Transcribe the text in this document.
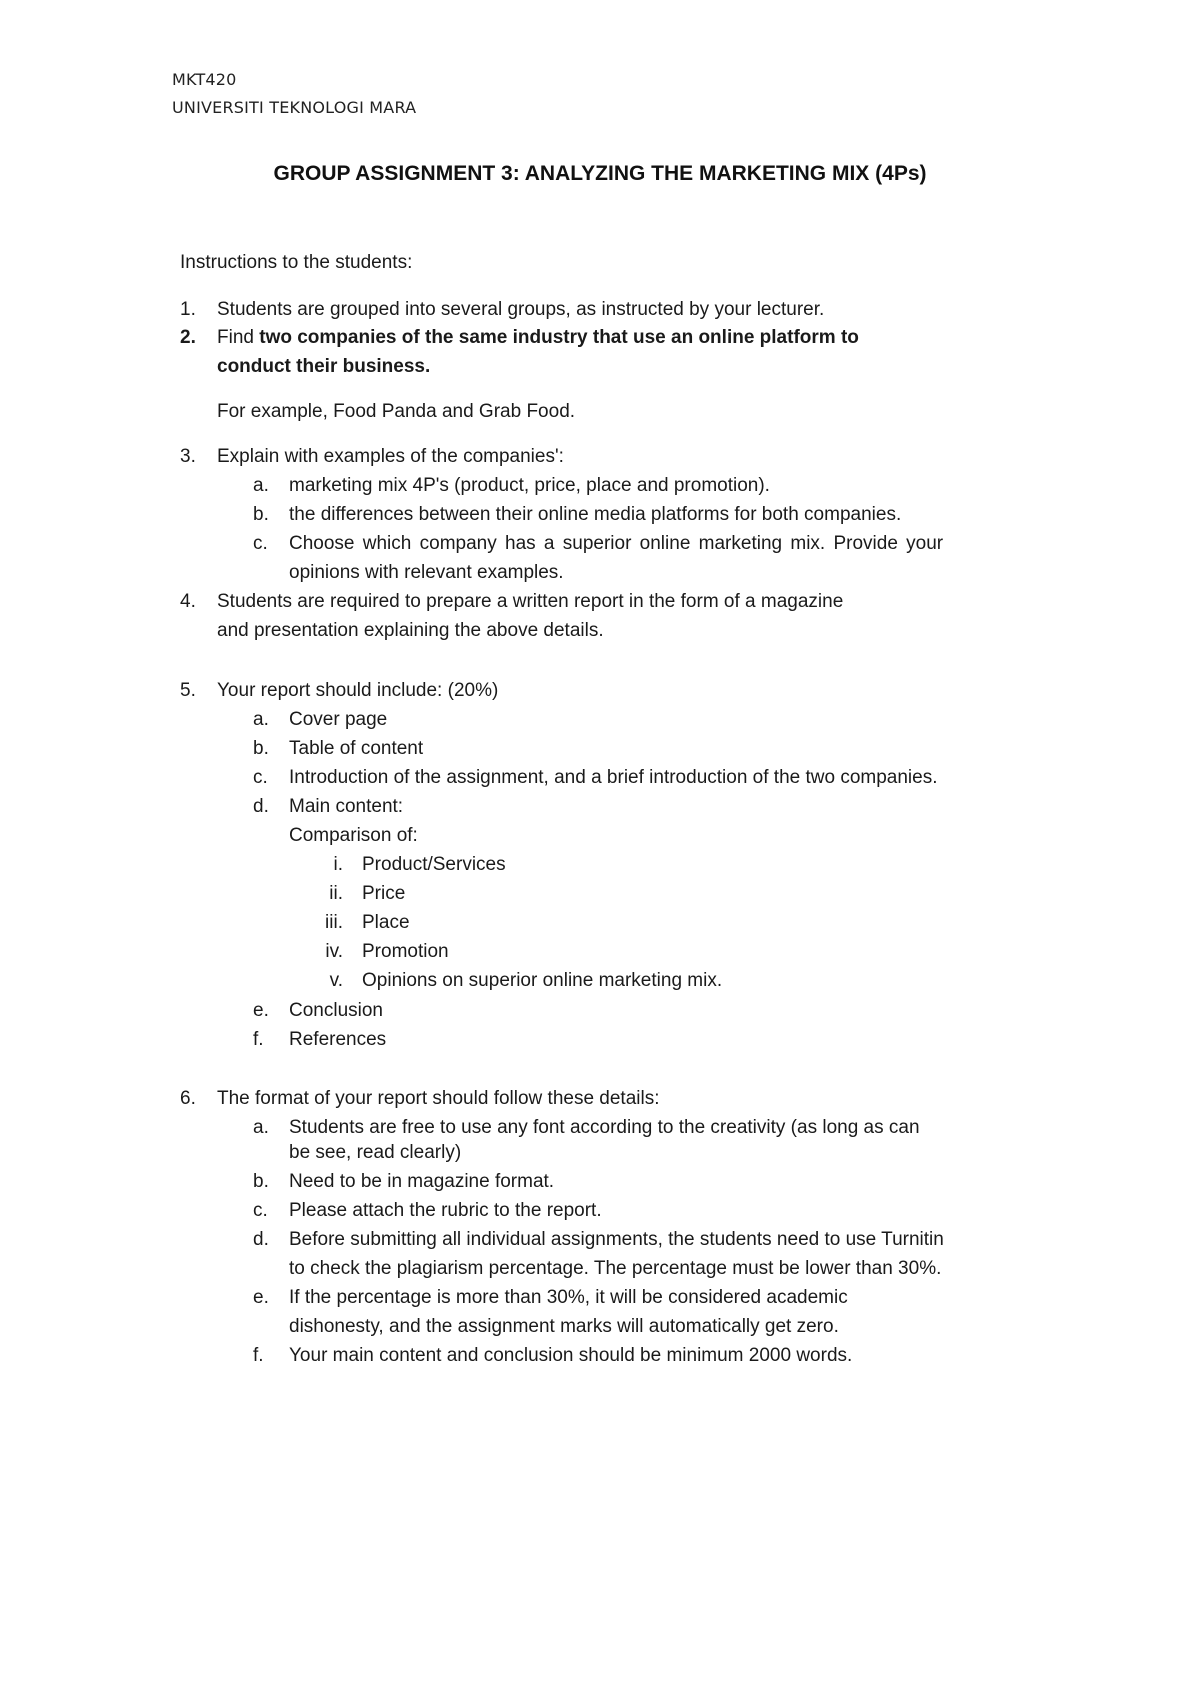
MKT420
UNIVERSITI TEKNOLOGI MARA
GROUP ASSIGNMENT 3: ANALYZING THE MARKETING MIX (4Ps)
Instructions to the students:
1. Students are grouped into several groups, as instructed by your lecturer.
2. Find two companies of the same industry that use an online platform to
conduct their business.
For example, Food Panda and Grab Food.
3. Explain with examples of the companies':
a. marketing mix 4P's (product, price, place and promotion).
b. the differences between their online media platforms for both companies.
c. Choose which company has a superior online marketing mix. Provide your
opinions with relevant examples.
4. Students are required to prepare a written report in the form of a magazine
and presentation explaining the above details.
5. Your report should include: (20%)
a. Cover page
b. Table of content
c. Introduction of the assignment, and a brief introduction of the two companies.
d. Main content:
Comparison of:
i. Product/Services
ii. Price
iii. Place
iv. Promotion
v. Opinions on superior online marketing mix.
e. Conclusion
f. References
6. The format of your report should follow these details:
a. Students are free to use any font according to the creativity (as long as can
be see, read clearly)
b. Need to be in magazine format.
c. Please attach the rubric to the report.
d. Before submitting all individual assignments, the students need to use Turnitin
to check the plagiarism percentage. The percentage must be lower than 30%.
e. If the percentage is more than 30%, it will be considered academic
dishonesty, and the assignment marks will automatically get zero.
f. Your main content and conclusion should be minimum 2000 words.
